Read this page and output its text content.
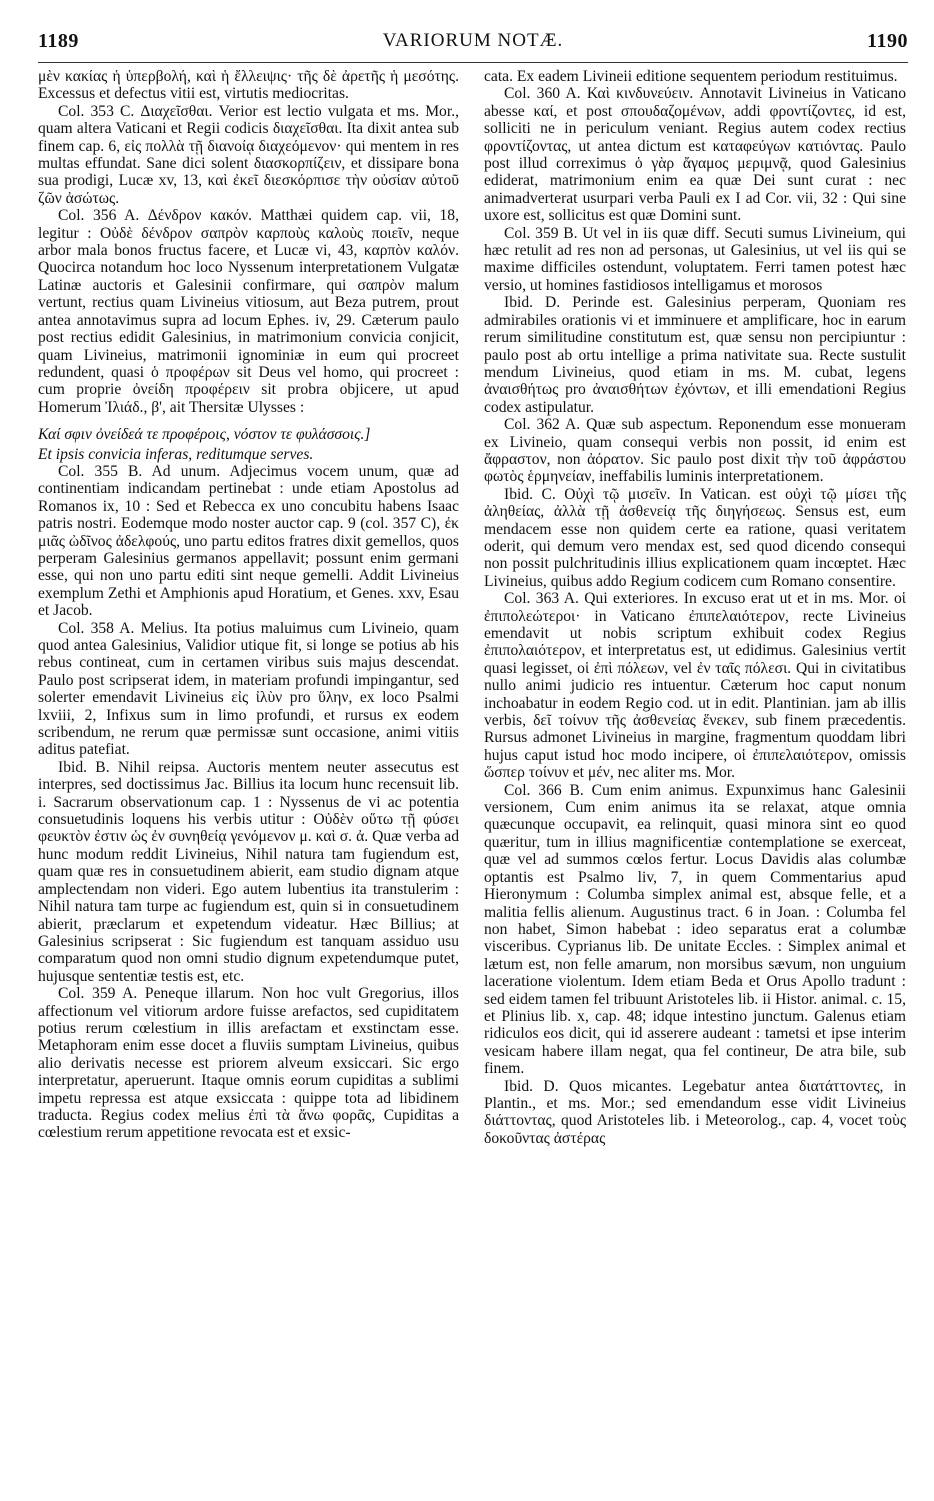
1189	VARIORUM NOTÆ.	1190

μὲν κακίας ἡ ὑπερβολή, καὶ ἡ ἔλλειψις· τῆς δὲ ἀρετῆς ἡ μεσότης. Excessus et defectus vitii est, virtutis mediocritas.

Col. 353 C. Διαχεῖσθαι. Verior est lectio vulgata et ms. Mor., quam altera Vaticani et Regii codicis διαχεῖσθαι. Ita dixit antea sub finem cap. 6, εἰς πολλὰ τῇ διανοίᾳ διαχεόμενον· qui mentem in res multas effundat. Sane dici solent διασκορπίζειν, et dissipare bona sua prodigi, Lucæ xv, 13, καὶ ἐκεῖ διεσκόρπισε τὴν οὐσίαν αὐτοῦ ζῶν ἀσώτως.

Col. 356 A. Δένδρον κακόν. Matthæi quidem cap. vii, 18, legitur : Οὐδὲ δένδρον σαπρὸν καρποὺς καλοὺς ποιεῖν, neque arbor mala bonos fructus facere, et Lucæ vi, 43, καρπὸν καλόν. Quocirca notandum hoc loco Nyssenum interpretationem Vulgatæ Latinæ auctoris et Galesinii confirmare, qui σαπρὸν malum vertunt, rectius quam Livineius vitiosum, aut Beza putrem, prout antea annotavimus supra ad locum Ephes. iv, 29. Cæterum paulo post rectius edidit Galesinius, in matrimonium convicia conjicit, quam Livineius, matrimonii ignominiæ in eum qui procreet redundent, quasi ὁ προφέρων sit Deus vel homo, qui procreet : cum proprie ὀνείδη προφέρειν sit probra objicere, ut apud Homerum Ἰλιάδ., β', ait Thersitæ Ulysses :

Καί σφιν ὀνείδεά τε προφέροις, νόστον τε φυλάσσοις.]

Et ipsis convicia inferas, reditumque serves.

Col. 355 B. Ad unum. Adjecimus vocem unum, quæ ad continentiam indicandam pertinebat : unde etiam Apostolus ad Romanos ix, 10 : Sed et Rebecca ex uno concubitu habens Isaac patris nostri. Eodemque modo noster auctor cap. 9 (col. 357 C), ἐκ μιᾶς ὠδῖνος ἀδελφούς, uno partu editos fratres dixit gemellos, quos perperam Galesinius germanos appellavit; possunt enim germani esse, qui non uno partu editi sint neque gemelli. Addit Livineius exemplum Zethi et Amphionis apud Horatium, et Genes. xxv, Esau et Jacob.

Col. 358 A. Melius. Ita potius maluimus cum Livineio, quam quod antea Galesinius, Validior utique fit, si longe se potius ab his rebus contineat, cum in certamen viribus suis majus descendat. Paulo post scripserat idem, in materiam profundi impingantur, sed solerter emendavit Livineius εἰς ἰλὺν pro ὕλην, ex loco Psalmi lxviii, 2, Infixus sum in limo profundi, et rursus ex eodem scribendum, ne rerum quæ permissæ sunt occasione, animi vitiis aditus patefiat.

Ibid. B. Nihil reipsa. Auctoris mentem neuter assecutus est interpres, sed doctissimus Jac. Billius ita locum hunc recensuit lib. i. Sacrarum observationum cap. 1 : Nyssenus de vi ac potentia consuetudinis loquens his verbis utitur : Οὐδὲν οὕτω τῇ φύσει φευκτὸν ἐστιν ὡς ἐν συνηθείᾳ γενόμενον μ. καὶ σ. ἀ. Quæ verba ad hunc modum reddit Livineius, Nihil natura tam fugiendum est, quam quæ res in consuetudinem abierit, eam studio dignam atque amplectendam non videri. Ego autem lubentius ita transtulerim : Nihil natura tam turpe ac fugiendum est, quin si in consuetudinem abierit, præclarum et expetendum videatur. Hæc Billius; at Galesinius scripserat : Sic fugiendum est tanquam assiduo usu comparatum quod non omni studio dignum expetendumque putet, hujusque sententiæ testis est, etc.

Col. 359 A. Peneque illarum. Non hoc vult Gregorius, illos affectionum vel vitiorum ardore fuisse arefactos, sed cupiditatem potius rerum cœlestium in illis arefactam et exstinctam esse. Metaphoram enim esse docet a fluviis sumptam Livineius, quibus alio derivatis necesse est priorem alveum exsiccari. Sic ergo interpretatur, aperuerunt. Itaque omnis eorum cupiditas a sublimi impetu repressa est atque exsiccata : quippe tota ad libidinem traducta. Regius codex melius ἐπὶ τὰ ἄνω φορᾶς, Cupiditas a cœlestium rerum appetitione revocata est et exsic-

cata. Ex eadem Livineii editione sequentem periodum restituimus.

Col. 360 A. Καὶ κινδυνεύειν. Annotavit Livineius in Vaticano abesse καί, et post σπουδαζομένων, addi φροντίζοντες, id est, solliciti ne in periculum veniant. Regius autem codex rectius φροντίζοντας, ut antea dictum est καταφεύγων κατιόντας. Paulo post illud correximus ὁ γὰρ ἄγαμος μεριμνᾷ, quod Galesinius ediderat, matrimonium enim ea quæ Dei sunt curat : nec animadverterat usurpari verba Pauli ex I ad Cor. vii, 32 : Qui sine uxore est, sollicitus est quæ Domini sunt.

Col. 359 B. Ut vel in iis quæ diff. Secuti sumus Livineium, qui hæc retulit ad res non ad personas, ut Galesinius, ut vel iis qui se maxime difficiles ostendunt, voluptatem. Ferri tamen potest hæc versio, ut homines fastidiosos intelligamus et morosos

Ibid. D. Perinde est. Galesinius perperam, Quoniam res admirabiles orationis vi et imminuere et amplificare, hoc in earum rerum similitudine constitutum est, quæ sensu non percipiuntur : paulo post ab ortu intellige a prima nativitate sua. Recte sustulit mendum Livineius, quod etiam in ms. M. cubat, legens ἀναισθήτως pro ἀναισθήτων ἐχόντων, et illi emendationi Regius codex astipulatur.

Col. 362 A. Quæ sub aspectum. Reponendum esse monueram ex Livineio, quam consequi verbis non possit, id enim est ἄφραστον, non ἀόρατον. Sic paulo post dixit τὴν τοῦ ἀφράστου φωτὸς ἑρμηνείαν, ineffabilis luminis interpretationem.

Ibid. C. Οὐχὶ τῷ μισεῖν. In Vatican. est οὐχὶ τῷ μίσει τῆς ἀληθείας, ἀλλὰ τῇ ἀσθενείᾳ τῆς διηγήσεως. Sensus est, eum mendacem esse non quidem certe ea ratione, quasi veritatem oderit, qui demum vero mendax est, sed quod dicendo consequi non possit pulchritudinis illius explicationem quam incœptet. Hæc Livineius, quibus addo Regium codicem cum Romano consentire.

Col. 363 A. Qui exteriores. In excuso erat ut et in ms. Mor. οἱ ἐπιπολεώτεροι· in Vaticano ἐπιπελαιότερον, recte Livineius emendavit ut nobis scriptum exhibuit codex Regius ἐπιπολαιότερον, et interpretatus est, ut edidimus. Galesinius vertit quasi legisset, οἱ ἐπὶ πόλεων, vel ἐν ταῖς πόλεσι. Qui in civitatibus nullo animi judicio res intuentur. Cæterum hoc caput nonum inchoabatur in eodem Regio cod. ut in edit. Plantinian. jam ab illis verbis, δεῖ τοίνυν τῆς ἀσθενείας ἕνεκεν, sub finem præcedentis. Rursus admonet Livineius in margine, fragmentum quoddam libri hujus caput istud hoc modo incipere, οἱ ἐπιπελαιότερον, omissis ὥσπερ τοίνυν et μέν, nec aliter ms. Mor.

Col. 366 B. Cum enim animus. Expunximus hanc Galesinii versionem, Cum enim animus ita se relaxat, atque omnia quæcunque occupavit, ea relinquit, quasi minora sint eo quod quæritur, tum in illius magnificentiæ contemplatione se exerceat, quæ vel ad summos cœlos fertur. Locus Davidis alas columbæ optantis est Psalmo liv, 7, in quem Commentarius apud Hieronymum : Columba simplex animal est, absque felle, et a malitia fellis alienum. Augustinus tract. 6 in Joan. : Columba fel non habet, Simon habebat : ideo separatus erat a columbæ visceribus. Cyprianus lib. De unitate Eccles. : Simplex animal et lætum est, non felle amarum, non morsibus sævum, non unguium laceratione violentum. Idem etiam Beda et Orus Apollo tradunt : sed eidem tamen fel tribuunt Aristoteles lib. ii Histor. animal. c. 15, et Plinius lib. x, cap. 48; idque intestino junctum. Galenus etiam ridiculos eos dicit, qui id asserere audeant : tametsi et ipse interim vesicam habere illam negat, qua fel contineur, De atra bile, sub finem.

Ibid. D. Quos micantes. Legebatur antea διατάττοντες, in Plantin., et ms. Mor.; sed emendandum esse vidit Livineius διάττοντας, quod Aristoteles lib. i Meteorolog., cap. 4, vocet τοὺς δοκοῦντας ἀστέρας
